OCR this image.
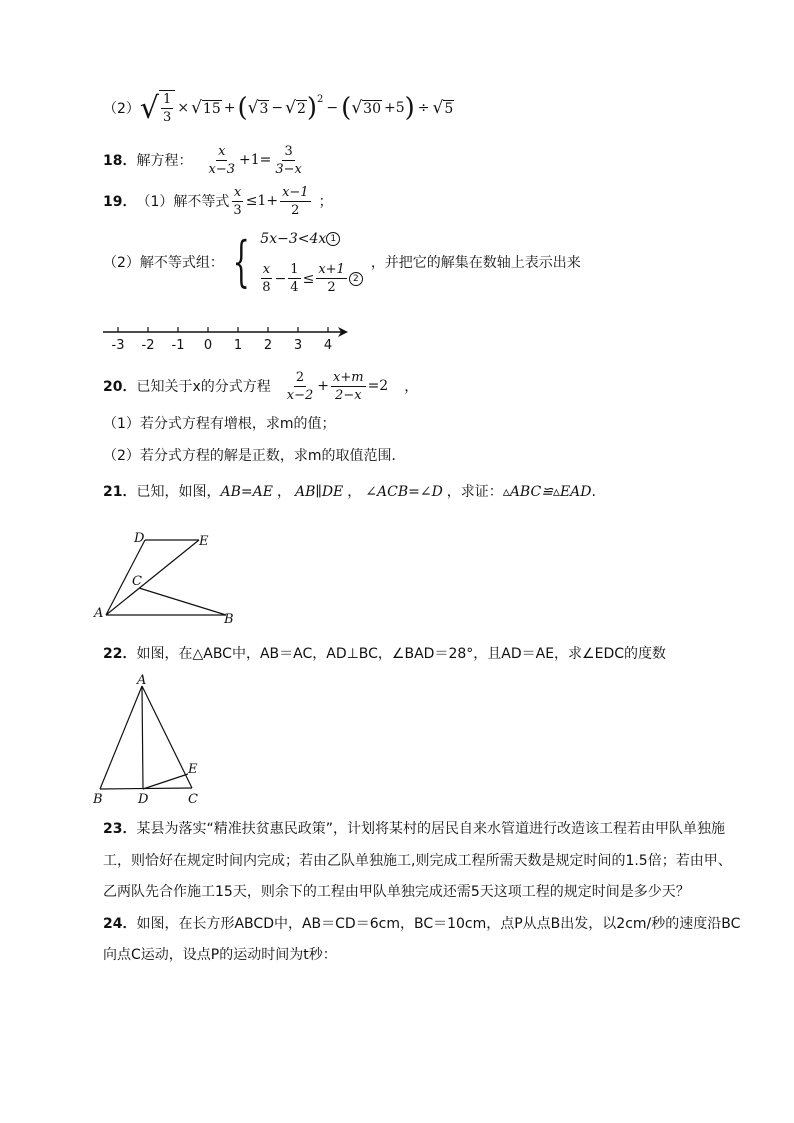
（2） √ $\frac{1}{3}$ × √ 15 + ( √ 3 − √ 2 )$^2$
− ( √ 30 +5 ) ÷ √ 5
18． 解方程： $\frac{x}{x-3} +1= \frac{3}{3-x}$
19． （1）解不等式 $\frac{x}{3} \le 1+ \frac{x-1}{2}$ ；
（2）解不等式组： { 5x−3<4x 1
$\frac{x}{8} - \frac{1}{4} \le \frac{x+1}{2} 2$
，并把它的解集在数轴上表示出来
-3 -2 -1 0 1 2 3 4
20． 已知关于x的分式方程 $\frac{2}{x-2} + \frac{x+m}{2-x} =2$ ，
（1）若分式方程有增根，求m的值；
（2）若分式方程的解是正数，求m的取值范围．
21．已知，如图，AB=AE ， AB∥DE ， ∠ACB=∠D ，求证：▵ABC≌▵EAD.
D	E
C
A	B
22．如图，在△ABC中，AB＝AC，AD⊥BC，∠BAD＝28°，且AD＝AE，求∠EDC的度数
A
B	D	C
E
23．某县为落实“精准扶贫惠民政策”，计划将某村的居民自来水管道进行改造该工程若由甲队单独施
工，则恰好在规定时间内完成；若由乙队单独施工,则完成工程所需天数是规定时间的1.5倍；若由甲、
乙两队先合作施工15天，则余下的工程由甲队单独完成还需5天这项工程的规定时间是多少天？
24．如图，在长方形ABCD中，AB＝CD＝6cm，BC＝10cm，点P从点B出发，以2cm/秒的速度沿BC
向点C运动，设点P的运动时间为t秒：
